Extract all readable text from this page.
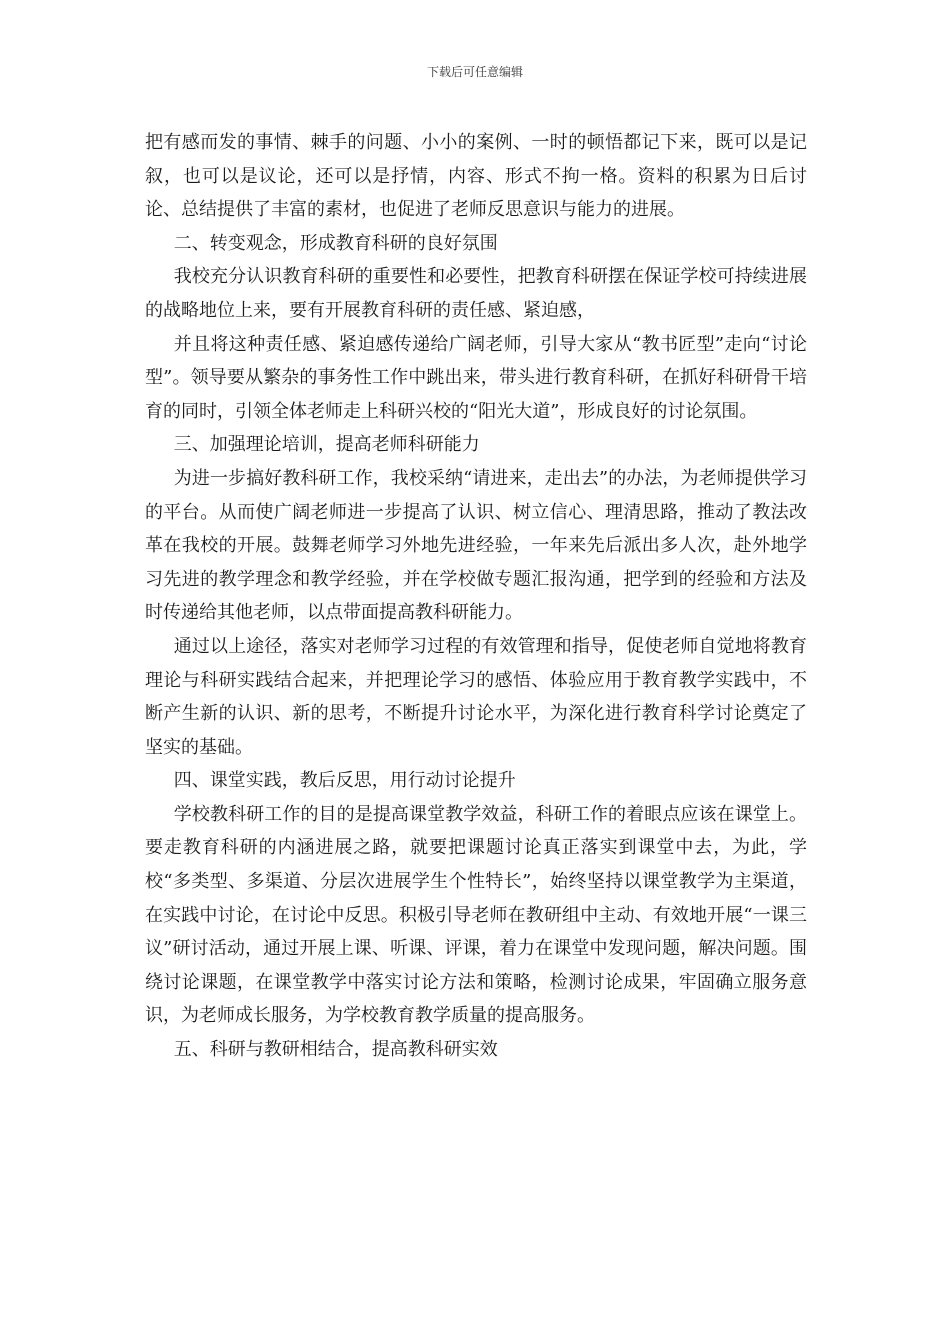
下载后可任意编辑

把有感而发的事情、棘手的问题、小小的案例、一时的顿悟都记下来，既可以是记叙，也可以是议论，还可以是抒情，内容、形式不拘一格。资料的积累为日后讨论、总结提供了丰富的素材，也促进了老师反思意识与能力的进展。

二、转变观念，形成教育科研的良好氛围

我校充分认识教育科研的重要性和必要性，把教育科研摆在保证学校可持续进展的战略地位上来，要有开展教育科研的责任感、紧迫感，

并且将这种责任感、紧迫感传递给广阔老师，引导大家从“教书匠型”走向“讨论型”。领导要从繁杂的事务性工作中跳出来，带头进行教育科研，在抓好科研骨干培育的同时，引领全体老师走上科研兴校的“阳光大道”，形成良好的讨论氛围。

三、加强理论培训，提高老师科研能力

为进一步搞好教科研工作，我校采纳“请进来，走出去”的办法，为老师提供学习的平台。从而使广阔老师进一步提高了认识、树立信心、理清思路，推动了教法改革在我校的开展。鼓舞老师学习外地先进经验，一年来先后派出多人次，赴外地学习先进的教学理念和教学经验，并在学校做专题汇报沟通，把学到的经验和方法及时传递给其他老师，以点带面提高教科研能力。

通过以上途径，落实对老师学习过程的有效管理和指导，促使老师自觉地将教育理论与科研实践结合起来，并把理论学习的感悟、体验应用于教育教学实践中，不断产生新的认识、新的思考，不断提升讨论水平，为深化进行教育科学讨论奠定了坚实的基础。

四、课堂实践，教后反思，用行动讨论提升

学校教科研工作的目的是提高课堂教学效益，科研工作的着眼点应该在课堂上。要走教育科研的内涵进展之路，就要把课题讨论真正落实到课堂中去，为此，学校“多类型、多渠道、分层次进展学生个性特长”，始终坚持以课堂教学为主渠道，在实践中讨论，在讨论中反思。积极引导老师在教研组中主动、有效地开展“一课三议”研讨活动，通过开展上课、听课、评课，着力在课堂中发现问题，解决问题。围绕讨论课题，在课堂教学中落实讨论方法和策略，检测讨论成果，牢固确立服务意识，为老师成长服务，为学校教育教学质量的提高服务。

五、科研与教研相结合，提高教科研实效
